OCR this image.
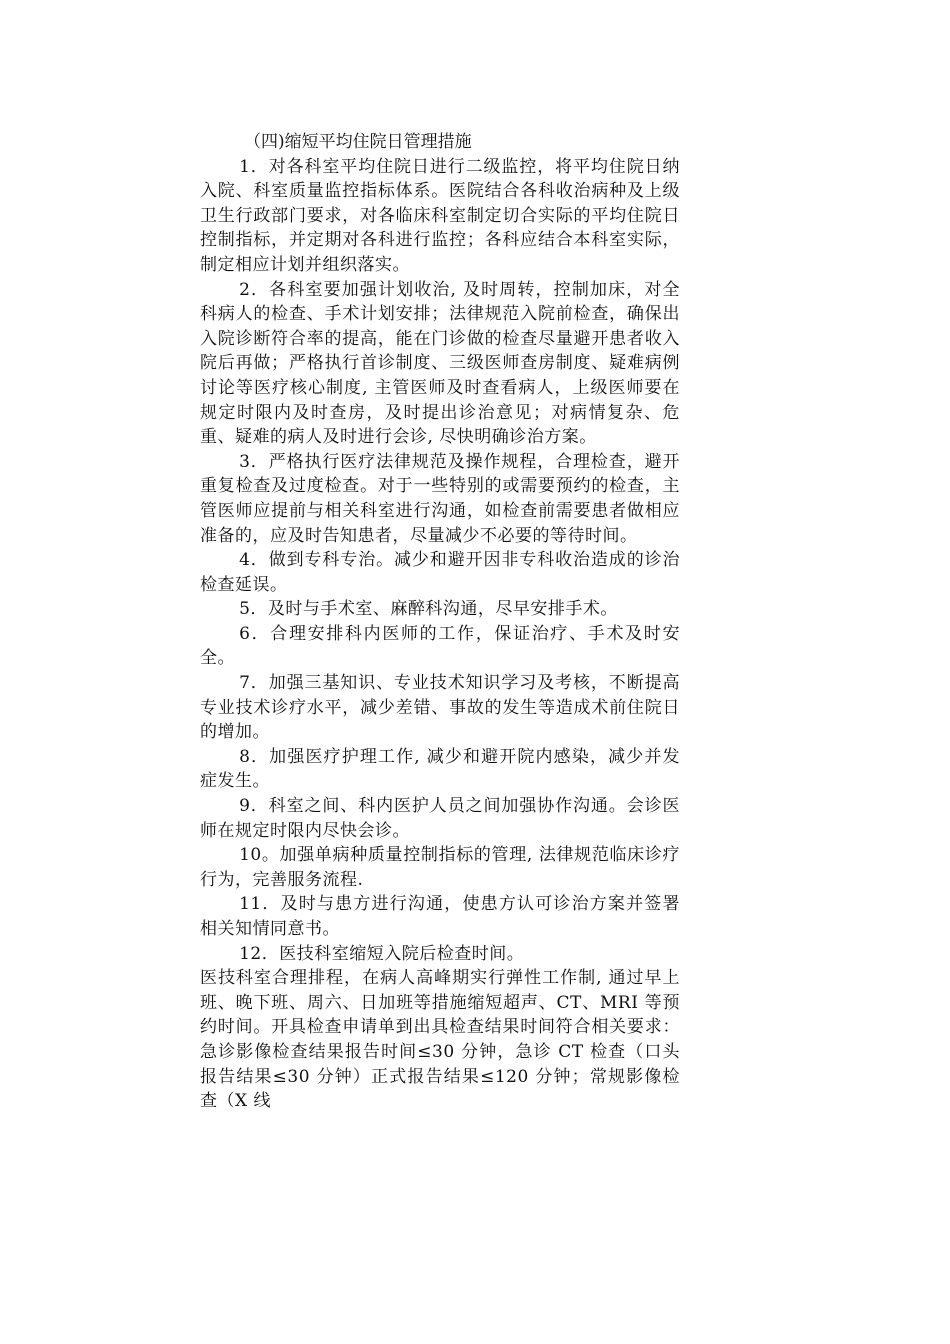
（四)缩短平均住院日管理措施

1．对各科室平均住院日进行二级监控，将平均住院日纳入院、科室质量监控指标体系。医院结合各科收治病种及上级卫生行政部门要求，对各临床科室制定切合实际的平均住院日控制指标，并定期对各科进行监控；各科应结合本科室实际，制定相应计划并组织落实。

2．各科室要加强计划收治, 及时周转，控制加床，对全科病人的检查、手术计划安排；法律规范入院前检查，确保出入院诊断符合率的提高，能在门诊做的检查尽量避开患者收入院后再做；严格执行首诊制度、三级医师查房制度、疑难病例讨论等医疗核心制度, 主管医师及时查看病人，上级医师要在规定时限内及时查房，及时提出诊治意见；对病情复杂、危重、疑难的病人及时进行会诊, 尽快明确诊治方案。

3．严格执行医疗法律规范及操作规程，合理检查，避开重复检查及过度检查。对于一些特别的或需要预约的检查，主管医师应提前与相关科室进行沟通，如检查前需要患者做相应准备的，应及时告知患者，尽量减少不必要的等待时间。

4．做到专科专治。减少和避开因非专科收治造成的诊治检查延误。

5．及时与手术室、麻醉科沟通，尽早安排手术。

6．合理安排科内医师的工作，保证治疗、手术及时安全。

7．加强三基知识、专业技术知识学习及考核，不断提高专业技术诊疗水平，减少差错、事故的发生等造成术前住院日的增加。

8．加强医疗护理工作, 减少和避开院内感染，减少并发症发生。

9．科室之间、科内医护人员之间加强协作沟通。会诊医师在规定时限内尽快会诊。

10。加强单病种质量控制指标的管理, 法律规范临床诊疗行为，完善服务流程.

11．及时与患方进行沟通，使患方认可诊治方案并签署相关知情同意书。

12．医技科室缩短入院后检查时间。

医技科室合理排程，在病人高峰期实行弹性工作制, 通过早上班、晚下班、周六、日加班等措施缩短超声、CT、MRI 等预约时间。开具检查申请单到出具检查结果时间符合相关要求：急诊影像检查结果报告时间≤30 分钟，急诊 CT 检查（口头报告结果≤30 分钟）正式报告结果≤120 分钟；常规影像检查（X 线
